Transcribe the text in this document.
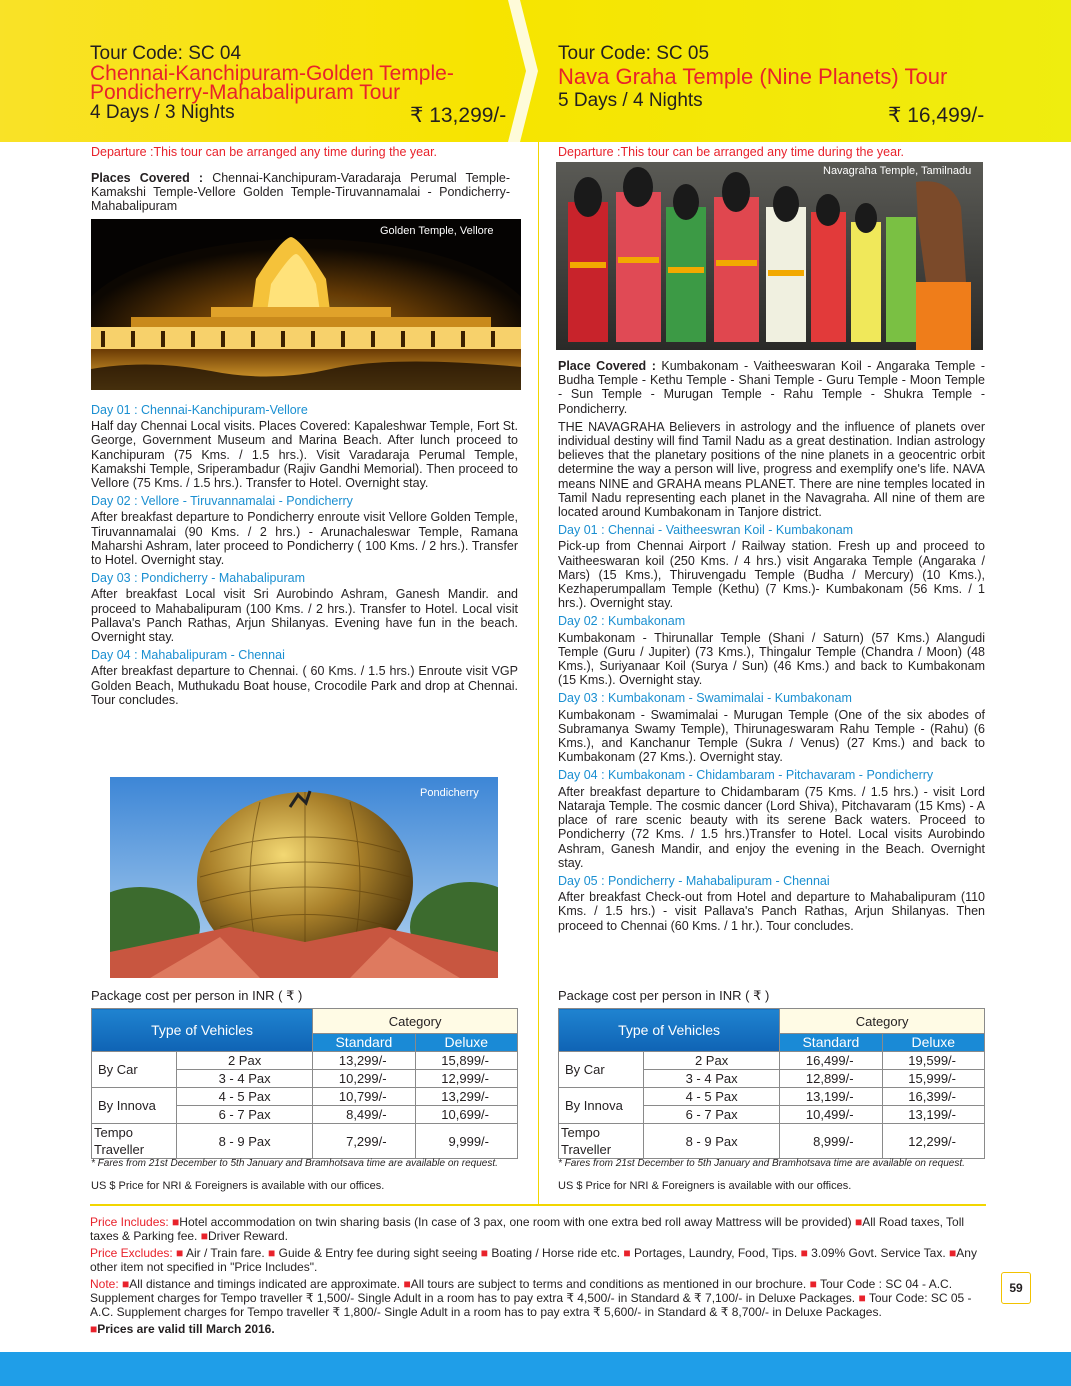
Tour Code: SC 04
Chennai-Kanchipuram-Golden Temple-
Pondicherry-Mahabalipuram Tour
4 Days / 3 Nights	₹ 13,299/-
Tour Code: SC 05
Nava Graha Temple (Nine Planets) Tour
5 Days / 4 Nights
₹ 16,499/-
Departure :This tour can be arranged any time during the year.
Places Covered : Chennai-Kanchipuram-Varadaraja Perumal Temple-Kamakshi Temple-Vellore Golden Temple-Tiruvannamalai - Pondicherry- Mahabalipuram
Golden Temple, Vellore
Day 01 : Chennai-Kanchipuram-Vellore

Half day Chennai Local visits. Places Covered: Kapaleshwar Temple, Fort St. George, Government Museum and Marina Beach. After lunch proceed to Kanchipuram (75 Kms. / 1.5 hrs.). Visit Varadaraja Perumal Temple, Kamakshi Temple, Sriperambadur (Rajiv Gandhi Memorial). Then proceed to Vellore (75 Kms. / 1.5 hrs.). Transfer to Hotel. Overnight stay.

Day 02 : Vellore - Tiruvannamalai - Pondicherry

After breakfast departure to Pondicherry enroute visit Vellore Golden Temple, Tiruvannamalai (90 Kms. / 2 hrs.) - Arunachaleswar Temple, Ramana Maharshi Ashram, later proceed to Pondicherry ( 100 Kms. / 2 hrs.). Transfer to Hotel. Overnight stay.

Day 03 : Pondicherry - Mahabalipuram

After breakfast Local visit Sri Aurobindo Ashram, Ganesh Mandir. and proceed to Mahabalipuram (100 Kms. / 2 hrs.). Transfer to Hotel. Local visit Pallava's Panch Rathas, Arjun Shilanyas. Evening have fun in the beach. Overnight stay.

Day 04 : Mahabalipuram - Chennai

After breakfast departure to Chennai. ( 60 Kms. / 1.5 hrs.) Enroute visit VGP Golden Beach, Muthukadu Boat house, Crocodile Park and drop at Chennai. Tour concludes.

Pondicherry
Package cost per person in INR ( ₹ )
Type of Vehicles		Category	
		Standard	Deluxe
By Car	2 Pax	13,299/-	15,899/-
	3 - 4 Pax	10,299/-	12,999/-
By Innova	4 - 5 Pax	10,799/-	13,299/-
	6 - 7 Pax	8,499/-	10,699/-
Tempo Traveller	8 - 9 Pax	7,299/-	9,999/-
* Fares from 21st December to 5th January and Bramhotsava time are available on request.
US $ Price for NRI & Foreigners is available with our offices.
Departure :This tour can be arranged any time during the year.
Navagraha Temple, Tamilnadu

Place Covered : Kumbakonam - Vaitheeswaran Koil - Angaraka Temple - Budha Temple - Kethu Temple - Shani Temple - Guru Temple - Moon Temple - Sun Temple - Murugan Temple - Rahu Temple - Shukra Temple - Pondicherry.

THE NAVAGRAHA Believers in astrology and the influence of planets over individual destiny will find Tamil Nadu as a great destination. Indian astrology believes that the planetary positions of the nine planets in a geocentric orbit determine the way a person will live, progress and exemplify one's life. NAVA means NINE and GRAHA means PLANET. There are nine temples located in Tamil Nadu representing each planet in the Navagraha. All nine of them are located around Kumbakonam in Tanjore district.

Day 01 : Chennai - Vaitheeswran Koil - Kumbakonam

Pick-up from Chennai Airport / Railway station. Fresh up and proceed to Vaitheeswaran koil (250 Kms. / 4 hrs.) visit Angaraka Temple (Angaraka / Mars) (15 Kms.), Thiruvengadu Temple (Budha / Mercury) (10 Kms.), Kezhaperumpallam Temple (Kethu) (7 Kms.)- Kumbakonam (56 Kms. / 1 hrs.). Overnight stay.

Day 02 : Kumbakonam

Kumbakonam - Thirunallar Temple (Shani / Saturn) (57 Kms.) Alangudi Temple (Guru / Jupiter) (73 Kms.), Thingalur Temple (Chandra / Moon) (48 Kms.), Suriyanaar Koil (Surya / Sun) (46 Kms.) and back to Kumbakonam (15 Kms.). Overnight stay.

Day 03 : Kumbakonam - Swamimalai - Kumbakonam

Kumbakonam - Swamimalai - Murugan Temple (One of the six abodes of Subramanya Swamy Temple), Thirunageswaram Rahu Temple - (Rahu) (6 Kms.), and Kanchanur Temple (Sukra / Venus) (27 Kms.) and back to Kumbakonam (27 Kms.). Overnight stay.

Day 04 : Kumbakonam - Chidambaram - Pitchavaram - Pondicherry

After breakfast departure to Chidambaram (75 Kms. / 1.5 hrs.) - visit Lord Nataraja Temple. The cosmic dancer (Lord Shiva), Pitchavaram (15 Kms) - A place of rare scenic beauty with its serene Back waters. Proceed to Pondicherry (72 Kms. / 1.5 hrs.)Transfer to Hotel. Local visits Aurobindo Ashram, Ganesh Mandir, and enjoy the evening in the Beach. Overnight stay.

Day 05 : Pondicherry - Mahabalipuram - Chennai

After breakfast Check-out from Hotel and departure to Mahabalipuram (110 Kms. / 1.5 hrs.) - visit Pallava's Panch Rathas, Arjun Shilanyas. Then proceed to Chennai (60 Kms. / 1 hr.). Tour concludes.

Package cost per person in INR ( ₹ )
Type of Vehicles		Category	
		Standard	Deluxe
By Car	2 Pax	16,499/-	19,599/-
	3 - 4 Pax	12,899/-	15,999/-
By Innova	4 - 5 Pax	13,199/-	16,399/-
	6 - 7 Pax	10,499/-	13,199/-
Tempo Traveller	8 - 9 Pax	8,999/-	12,299/-
* Fares from 21st December to 5th January and Bramhotsava time are available on request.
US $ Price for NRI & Foreigners is available with our offices.

Price Includes: ■Hotel accommodation on twin sharing basis (In case of 3 pax, one room with one extra bed roll away Mattress will be provided) ■All Road taxes, Toll taxes & Parking fee. ■Driver Reward.

Price Excludes: ■ Air / Train fare. ■ Guide & Entry fee during sight seeing ■ Boating / Horse ride etc. ■ Portages, Laundry, Food, Tips. ■ 3.09% Govt. Service Tax. ■Any other item not specified in "Price Includes".

Note: ■All distance and timings indicated are approximate. ■All tours are subject to terms and conditions as mentioned in our brochure. ■ Tour Code : SC 04 - A.C. Supplement charges for Tempo traveller ₹ 1,500/- Single Adult in a room has to pay extra ₹ 4,500/- in Standard & ₹ 7,100/- in Deluxe Packages. ■ Tour Code: SC 05 - A.C. Supplement charges for Tempo traveller ₹ 1,800/- Single Adult in a room has to pay extra ₹ 5,600/- in Standard & ₹ 8,700/- in Deluxe Packages.

■Prices are valid till March 2016.

59
